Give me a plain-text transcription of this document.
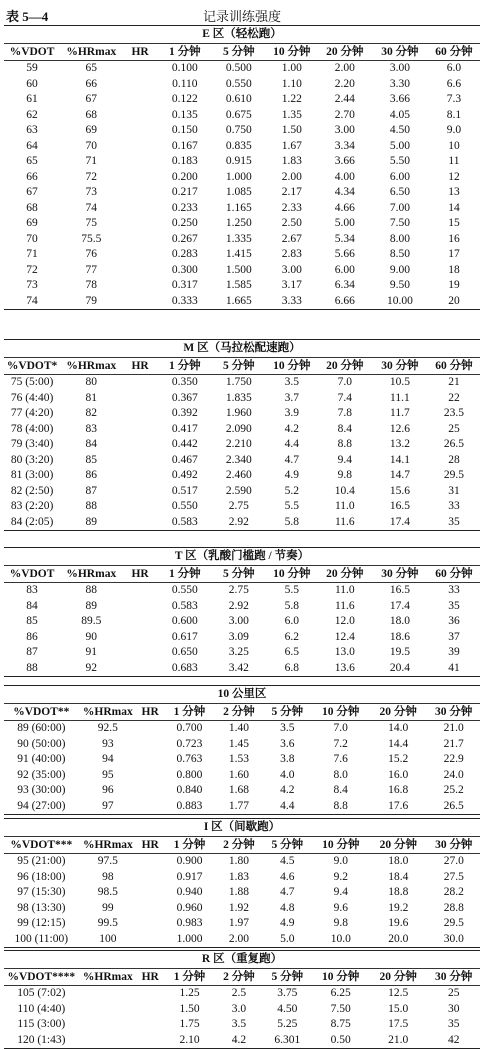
表 5—4	记录训练强度
E 区（轻松跑）								
%VDOT	%HRmax	HR	1 分钟	5 分钟	10 分钟	20 分钟	30 分钟	60 分钟
59	65		0.100	0.500	1.00	2.00	3.00	6.0
60	66		0.110	0.550	1.10	2.20	3.30	6.6
61	67		0.122	0.610	1.22	2.44	3.66	7.3
62	68		0.135	0.675	1.35	2.70	4.05	8.1
63	69		0.150	0.750	1.50	3.00	4.50	9.0
64	70		0.167	0.835	1.67	3.34	5.00	10
65	71		0.183	0.915	1.83	3.66	5.50	11
66	72		0.200	1.000	2.00	4.00	6.00	12
67	73		0.217	1.085	2.17	4.34	6.50	13
68	74		0.233	1.165	2.33	4.66	7.00	14
69	75		0.250	1.250	2.50	5.00	7.50	15
70	75.5		0.267	1.335	2.67	5.34	8.00	16
71	76		0.283	1.415	2.83	5.66	8.50	17
72	77		0.300	1.500	3.00	6.00	9.00	18
73	78		0.317	1.585	3.17	6.34	9.50	19
74	79		0.333	1.665	3.33	6.66	10.00	20
M 区（马拉松配速跑）								
%VDOT*	%HRmax	HR	1 分钟	5 分钟	10 分钟	20 分钟	30 分钟	60 分钟
75 (5:00)	80		0.350	1.750	3.5	7.0	10.5	21
76 (4:40)	81		0.367	1.835	3.7	7.4	11.1	22
77 (4:20)	82		0.392	1.960	3.9	7.8	11.7	23.5
78 (4:00)	83		0.417	2.090	4.2	8.4	12.6	25
79 (3:40)	84		0.442	2.210	4.4	8.8	13.2	26.5
80 (3:20)	85		0.467	2.340	4.7	9.4	14.1	28
81 (3:00)	86		0.492	2.460	4.9	9.8	14.7	29.5
82 (2:50)	87		0.517	2.590	5.2	10.4	15.6	31
83 (2:20)	88		0.550	2.75	5.5	11.0	16.5	33
84 (2:05)	89		0.583	2.92	5.8	11.6	17.4	35
T 区（乳酸门槛跑 / 节奏）								
%VDOT	%HRmax	HR	1 分钟	5 分钟	10 分钟	20 分钟	30 分钟	60 分钟
83	88		0.550	2.75	5.5	11.0	16.5	33
84	89		0.583	2.92	5.8	11.6	17.4	35
85	89.5		0.600	3.00	6.0	12.0	18.0	36
86	90		0.617	3.09	6.2	12.4	18.6	37
87	91		0.650	3.25	6.5	13.0	19.5	39
88	92		0.683	3.42	6.8	13.6	20.4	41
10 公里区								
%VDOT**	%HRmax	HR	1 分钟	2 分钟	5 分钟	10 分钟	20 分钟	30 分钟
89 (60:00)	92.5		0.700	1.40	3.5	7.0	14.0	21.0
90 (50:00)	93		0.723	1.45	3.6	7.2	14.4	21.7
91 (40:00)	94		0.763	1.53	3.8	7.6	15.2	22.9
92 (35:00)	95		0.800	1.60	4.0	8.0	16.0	24.0
93 (30:00)	96		0.840	1.68	4.2	8.4	16.8	25.2
94 (27:00)	97		0.883	1.77	4.4	8.8	17.6	26.5
I 区（间歇跑）								
%VDOT***	%HRmax	HR	1 分钟	2 分钟	5 分钟	10 分钟	20 分钟	30 分钟
95 (21:00)	97.5		0.900	1.80	4.5	9.0	18.0	27.0
96 (18:00)	98		0.917	1.83	4.6	9.2	18.4	27.5
97 (15:30)	98.5		0.940	1.88	4.7	9.4	18.8	28.2
98 (13:30)	99		0.960	1.92	4.8	9.6	19.2	28.8
99 (12:15)	99.5		0.983	1.97	4.9	9.8	19.6	29.5
100 (11:00)	100		1.000	2.00	5.0	10.0	20.0	30.0
R 区（重复跑）								
%VDOT****	%HRmax	HR	1 分钟	2 分钟	5 分钟	10 分钟	20 分钟	30 分钟
105 (7:02)			1.25	2.5	3.75	6.25	12.5	25
110 (4:40)			1.50	3.0	4.50	7.50	15.0	30
115 (3:00)			1.75	3.5	5.25	8.75	17.5	35
120 (1:43)			2.10	4.2	6.301	0.50	21.0	42
